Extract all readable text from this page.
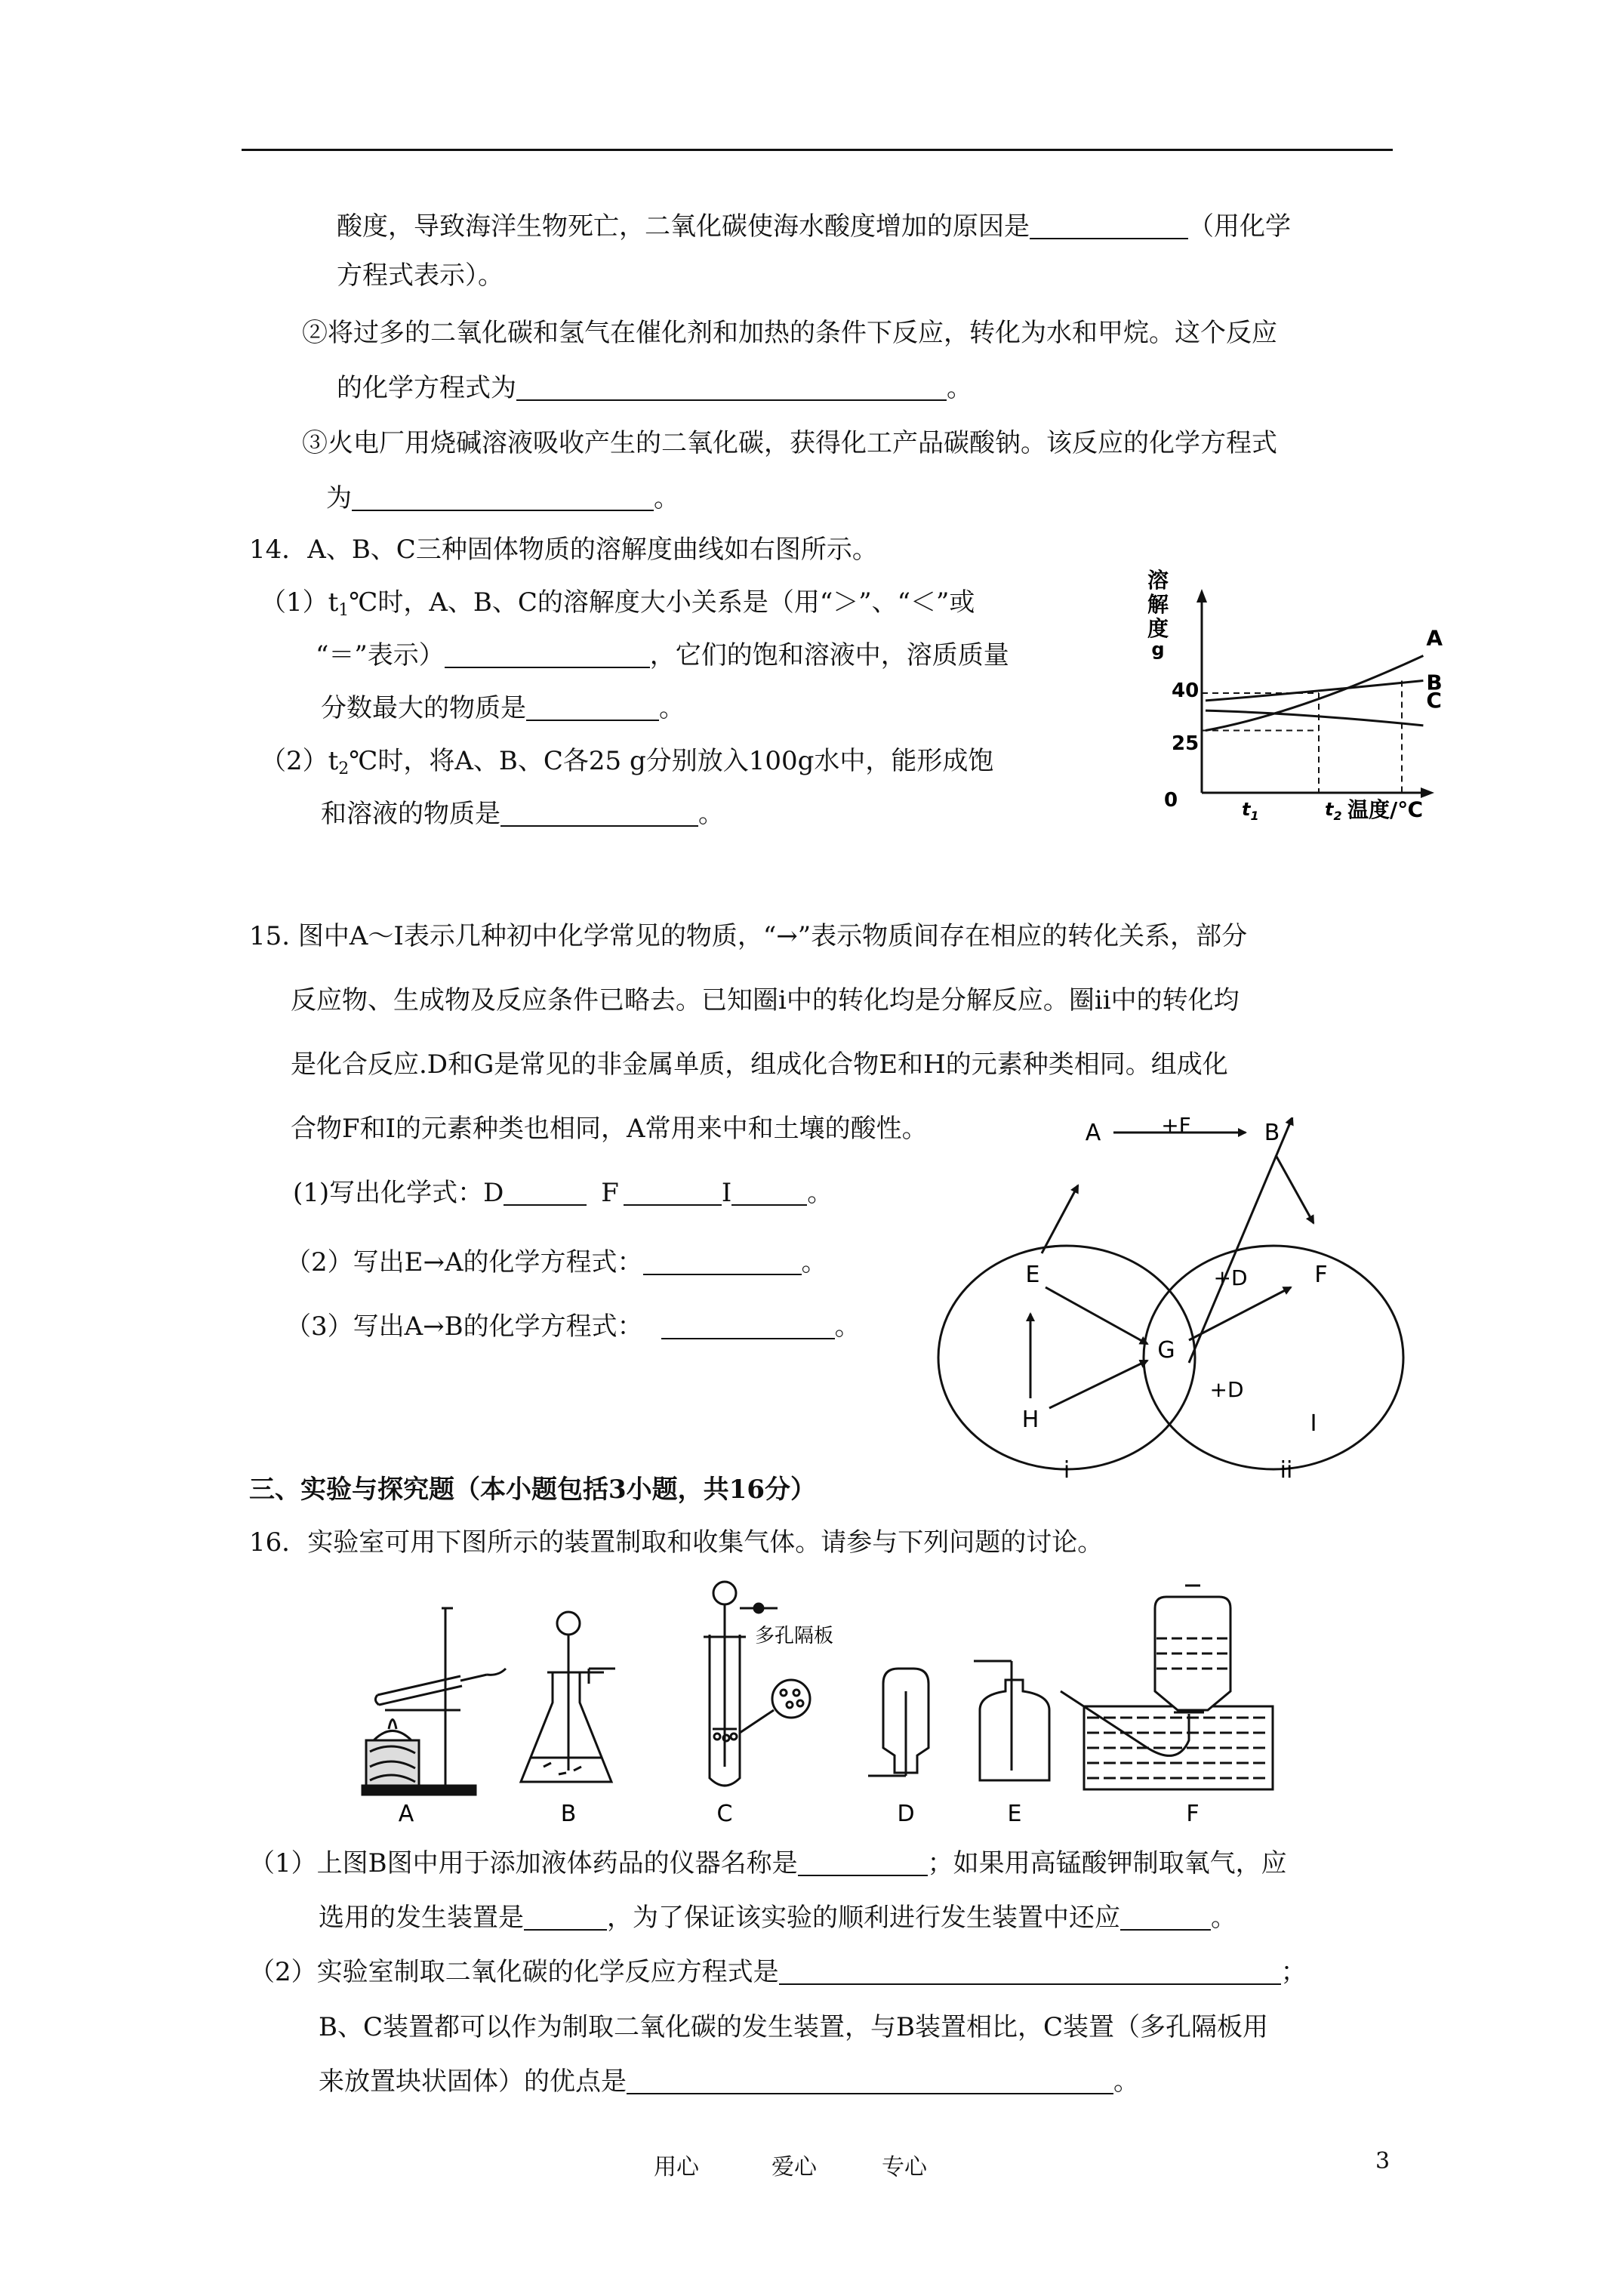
酸度，导致海洋生物死亡，二氧化碳使海水酸度增加的原因是	（用化学
方程式表示）。
②将过多的二氧化碳和氢气在催化剂和加热的条件下反应，转化为水和甲烷。这个反应
的化学方程式为	。
③火电厂用烧碱溶液吸收产生的二氧化碳，获得化工产品碳酸钠。该反应的化学方程式
为	。
14．A、B、C三种固体物质的溶解度曲线如右图所示。
$(1)t_1℃$时，A、B、C的溶解度大小关系是（用“＞”、“＜”或
“＝”表示）	，它们的饱和溶液中，溶质质量
分数最大的物质是	。
$(2)t_2℃$时，将A、B、C各25 g分别放入100g水中，能形成饱
和溶液的物质是	。
溶
解
度
g	A
B
C
0
40
25
$t_1$	$t_2$ 温度/℃
15. 图中A～I表示几种初中化学常见的物质，“→”表示物质间存在相应的转化关系，部分
反应物、生成物及反应条件已略去。已知圈ⅰ中的转化均是分解反应。圈ⅱ中的转化均
是化合反应.D和G是常见的非金属单质，组成化合物E和H的元素种类相同。组成化
合物F和I的元素种类也相同，A常用来中和土壤的酸性。
(1)写出化学式：D	F	I	。
（2）写出E→A的化学方程式：	。
（3）写出A→B的化学方程式：	。
A	B
E	F
G
H	I
+F
+D
+D
i	ii
三、实验与探究题（本小题包括3小题，共16分）
16．实验室可用下图所示的装置制取和收集气体。请参与下列问题的讨论。
A	B
多孔隔板
C	D	E	F
（1）上图B图中用于添加液体药品的仪器名称是	；如果用高锰酸钾制取氧气，应
选用的发生装置是	，为了保证该实验的顺利进行发生装置中还应	。
（2）实验室制取二氧化碳的化学反应方程式是	；
B、C装置都可以作为制取二氧化碳的发生装置，与B装置相比，C装置（多孔隔板用
来放置块状固体）的优点是	。
用心	爱心	专心	3
